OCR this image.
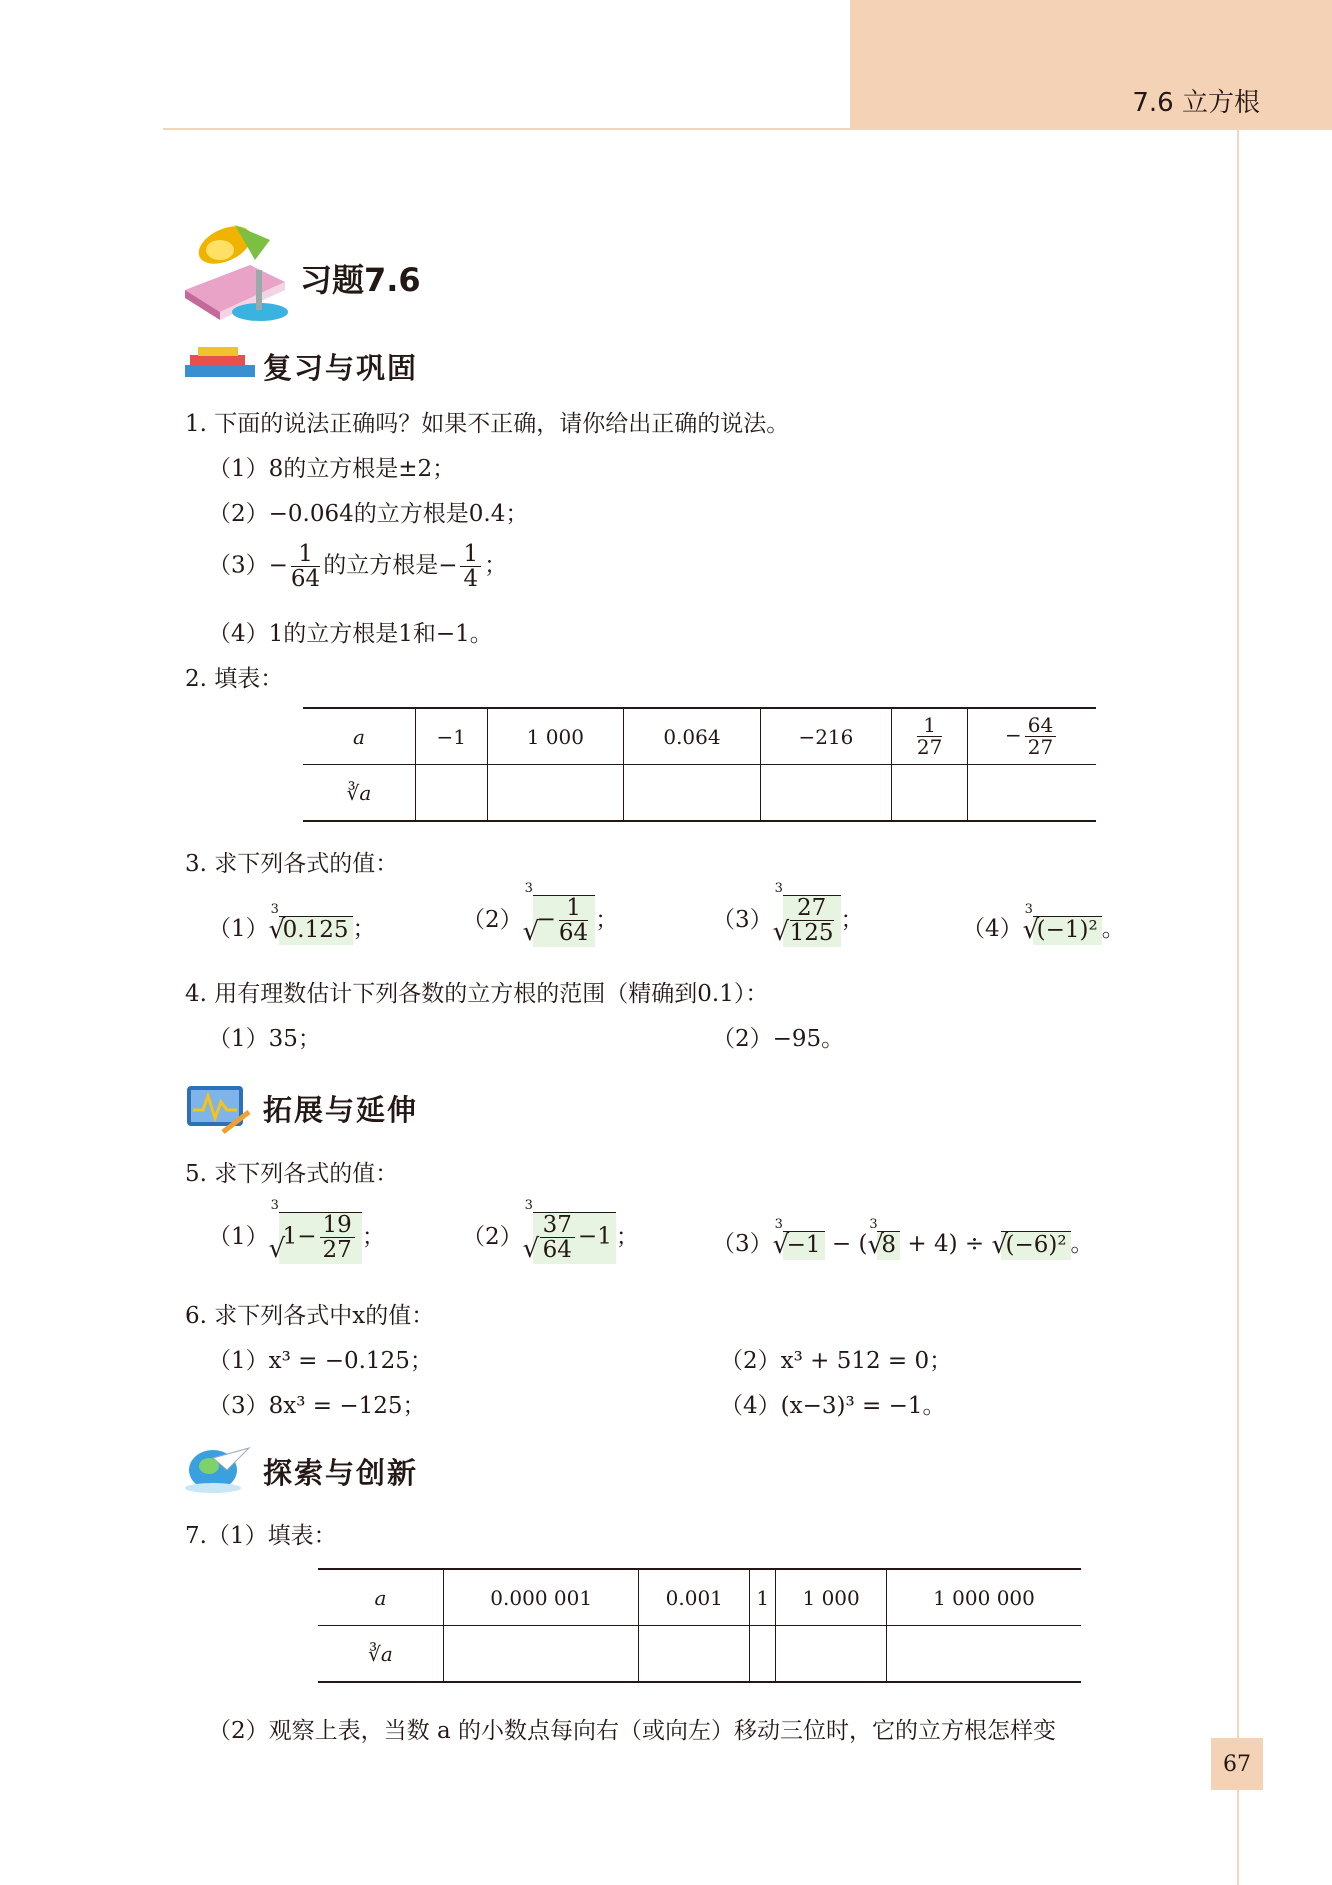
7.6 立方根
习题7.6
复习与巩固
1. 下面的说法正确吗？如果不正确，请你给出正确的说法。
（1）8的立方根是±2；
（2）−0.064的立方根是0.4；
$(3)- \frac{1}{64}$ 的立方根是− $\frac{1}{4}$ ；
（4）1的立方根是1和−1。
2. 填表：
a	−1	1 000	0.064	−216	$\frac{1}{27}$	− $\frac{64}{27}$

∛a						
3. 求下列各式的值：
（1）
3
√
0.125 ；	（2）
3
√
− $\frac{1}{64}$ ；	（3）
3
√ $\frac{27}{125}$ ；	（4）
3
√
(−1)² 。
4. 用有理数估计下列各数的立方根的范围（精确到0.1）：
（1）35；	（2）−95。
拓展与延伸
5. 求下列各式的值：
（1）
3
√
$1- \frac{19}{27}$ ；	（2）
3
√ $\frac{37}{64} -1$ ；	（3）
3
√
−1 − (
3
√
8 + 4) ÷ √
(−6)² 。
6. 求下列各式中x的值：
（1）x³ = −0.125；	（2）x³ + 512 = 0；
（3）8x³ = −125；	（4）(x−3)³ = −1。
探索与创新
7.（1）填表：
a	0.000 001	0.001	1	1 000	1 000 000
∛a					
（2）观察上表，当数 a 的小数点每向右（或向左）移动三位时，它的立方根怎样变
67
